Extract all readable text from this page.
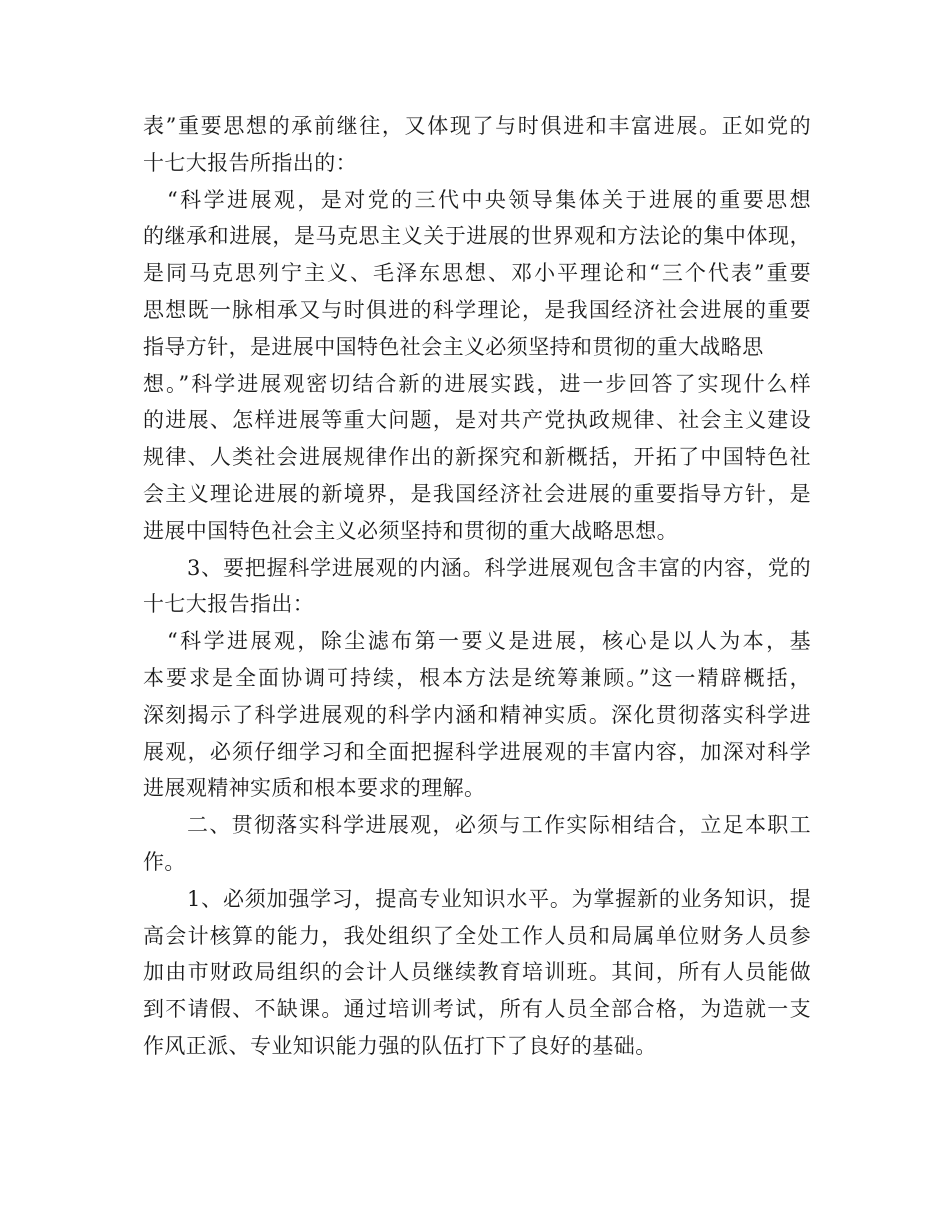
表”重要思想的承前继往，又体现了与时俱进和丰富进展。正如党的
十七大报告所指出的：
“科学进展观，是对党的三代中央领导集体关于进展的重要思想
的继承和进展，是马克思主义关于进展的世界观和方法论的集中体现，
是同马克思列宁主义、毛泽东思想、邓小平理论和“三个代表”重要
思想既一脉相承又与时俱进的科学理论，是我国经济社会进展的重要
指导方针，是进展中国特色社会主义必须坚持和贯彻的重大战略思
想。”科学进展观密切结合新的进展实践，进一步回答了实现什么样
的进展、怎样进展等重大问题，是对共产党执政规律、社会主义建设
规律、人类社会进展规律作出的新探究和新概括，开拓了中国特色社
会主义理论进展的新境界，是我国经济社会进展的重要指导方针，是
进展中国特色社会主义必须坚持和贯彻的重大战略思想。
3、要把握科学进展观的内涵。科学进展观包含丰富的内容，党的
十七大报告指出：
“科学进展观，除尘滤布第一要义是进展，核心是以人为本，基
本要求是全面协调可持续，根本方法是统筹兼顾。”这一精辟概括，
深刻揭示了科学进展观的科学内涵和精神实质。深化贯彻落实科学进
展观，必须仔细学习和全面把握科学进展观的丰富内容，加深对科学
进展观精神实质和根本要求的理解。
二、贯彻落实科学进展观，必须与工作实际相结合，立足本职工
作。
1、必须加强学习，提高专业知识水平。为掌握新的业务知识，提
高会计核算的能力，我处组织了全处工作人员和局属单位财务人员参
加由市财政局组织的会计人员继续教育培训班。其间，所有人员能做
到不请假、不缺课。通过培训考试，所有人员全部合格，为造就一支
作风正派、专业知识能力强的队伍打下了良好的基础。
